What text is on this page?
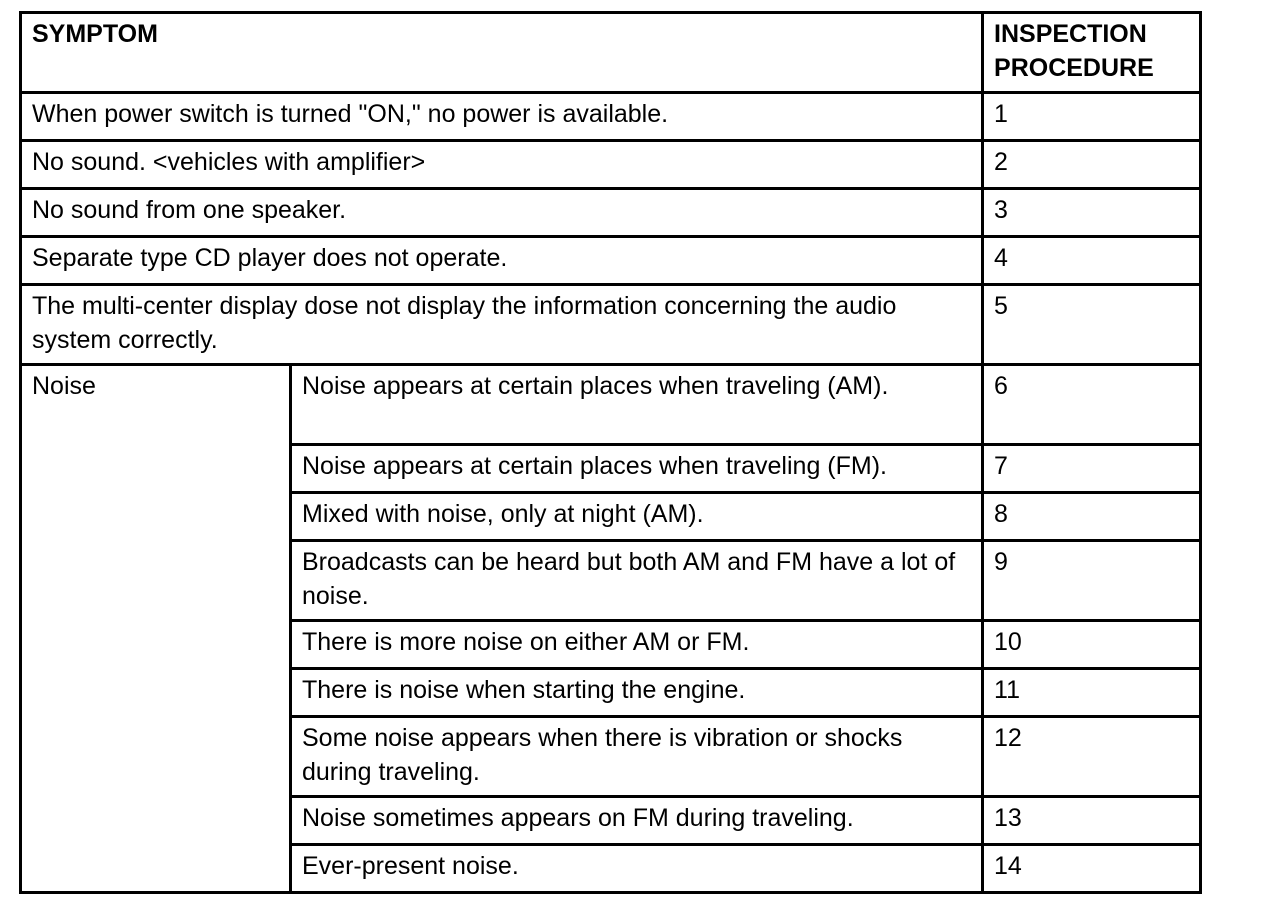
SYMPTOM		INSPECTION PROCEDURE
When power switch is turned "ON," no power is available.		1
No sound. <vehicles with amplifier>		2
No sound from one speaker.		3
Separate type CD player does not operate.		4
The multi-center display dose not display the information concerning the audio system correctly.		5
Noise	Noise appears at certain places when traveling (AM).	6
	Noise appears at certain places when traveling (FM).	7
	Mixed with noise, only at night (AM).	8
	Broadcasts can be heard but both AM and FM have a lot of noise.	9
	There is more noise on either AM or FM.	10
	There is noise when starting the engine.	11
	Some noise appears when there is vibration or shocks during traveling.	12
	Noise sometimes appears on FM during traveling.	13
	Ever-present noise.	14
